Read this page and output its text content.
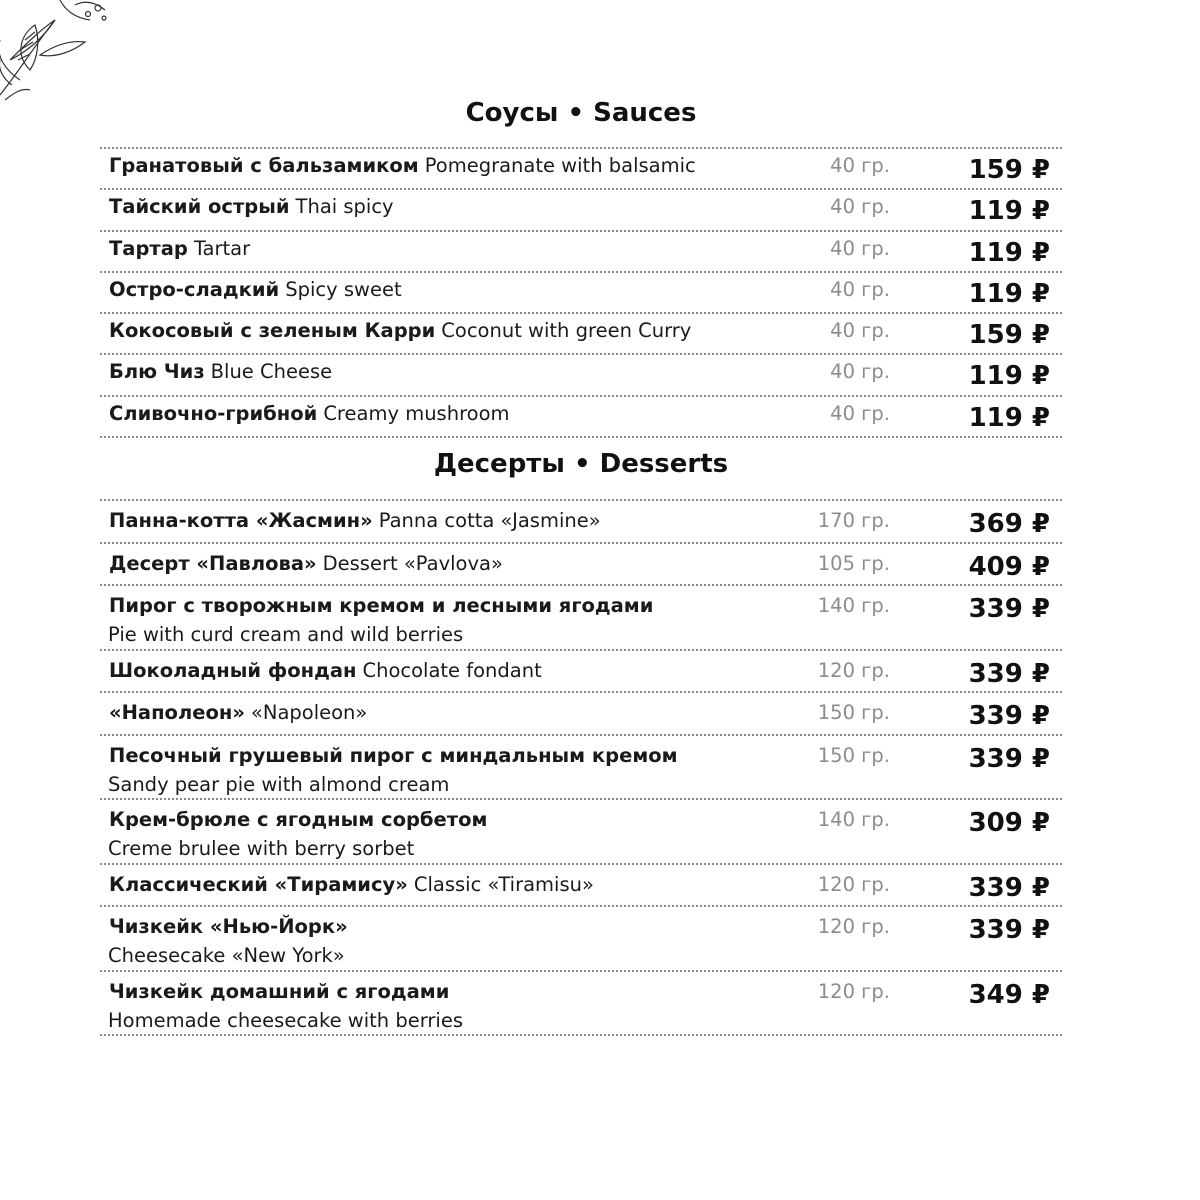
Соусы • Sauces
Гранатовый с бальзамиком Pomegranate with balsamic	40 гр.	159 ₽
Тайский острый Thai spicy	40 гр.	119 ₽
Тартар Tartar	40 гр.	119 ₽
Остро-сладкий Spicy sweet	40 гр.	119 ₽
Кокосовый с зеленым Карри Coconut with green Curry	40 гр.	159 ₽
Блю Чиз Blue Cheese	40 гр.	119 ₽
Сливочно-грибной Creamy mushroom	40 гр.	119 ₽
Десерты • Desserts
Панна-котта «Жасмин» Panna cotta «Jasmine»	170 гр.	369 ₽
Десерт «Павлова» Dessert «Pavlova»	105 гр.	409 ₽
Пирог с творожным кремом и лесными ягодами
Pie with curd cream and wild berries
140 гр.	339 ₽
Шоколадный фондан Chocolate fondant	120 гр.	339 ₽
«Наполеон» «Napoleon»	150 гр.	339 ₽
Песочный грушевый пирог с миндальным кремом
Sandy pear pie with almond cream
150 гр.	339 ₽
Крем-брюле с ягодным сорбетом
Creme brulee with berry sorbet
140 гр.	309 ₽
Классический «Тирамису» Classic «Tiramisu»	120 гр.	339 ₽
Чизкейк «Нью-Йорк»
Cheesecake «New York»
120 гр.	339 ₽
Чизкейк домашний с ягодами
Homemade cheesecake with berries
120 гр.	349 ₽
